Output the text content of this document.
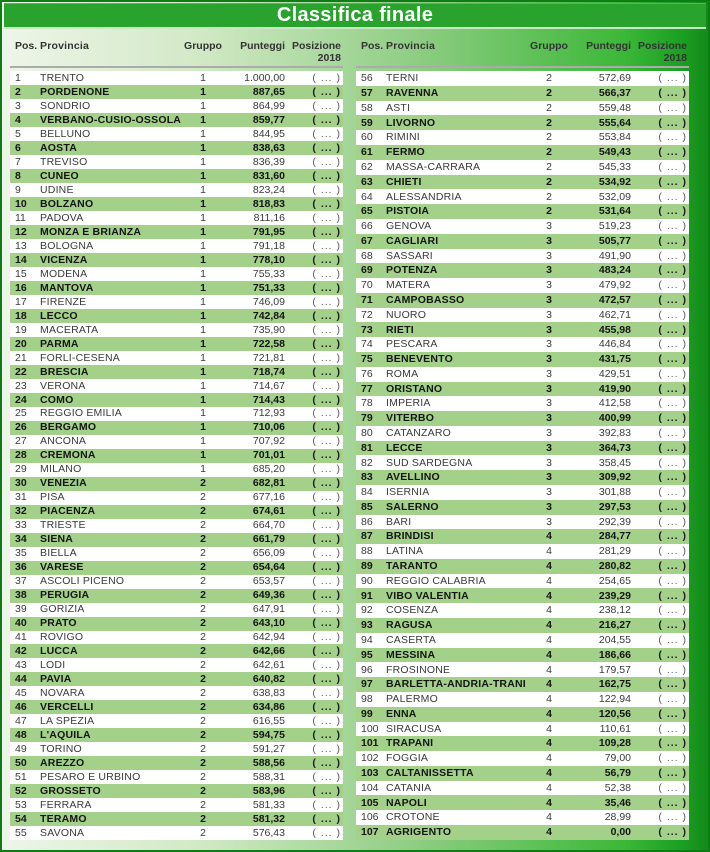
Classifica finale
Pos. Provincia	Gruppo	Punteggi Posizione
2018
1	TRENTO	1	1.000,00	( ... )
2	PORDENONE	1	887,65	( ... )
3	SONDRIO	1	864,99	( ... )
4	VERBANO-CUSIO-OSSOLA	1	859,77	( ... )
5	BELLUNO	1	844,95	( ... )
6	AOSTA	1	838,63	( ... )
7	TREVISO	1	836,39	( ... )
8	CUNEO	1	831,60	( ... )
9	UDINE	1	823,24	( ... )
10	BOLZANO	1	818,83	( ... )
11	PADOVA	1	811,16	( ... )
12	MONZA E BRIANZA	1	791,95	( ... )
13	BOLOGNA	1	791,18	( ... )
14	VICENZA	1	778,10	( ... )
15	MODENA	1	755,33	( ... )
16	MANTOVA	1	751,33	( ... )
17	FIRENZE	1	746,09	( ... )
18	LECCO	1	742,84	( ... )
19	MACERATA	1	735,90	( ... )
20	PARMA	1	722,58	( ... )
21	FORLÌ-CESENA	1	721,81	( ... )
22	BRESCIA	1	718,74	( ... )
23	VERONA	1	714,67	( ... )
24	COMO	1	714,43	( ... )
25	REGGIO EMILIA	1	712,93	( ... )
26	BERGAMO	1	710,06	( ... )
27	ANCONA	1	707,92	( ... )
28	CREMONA	1	701,01	( ... )
29	MILANO	1	685,20	( ... )
30	VENEZIA	2	682,81	( ... )
31	PISA	2	677,16	( ... )
32	PIACENZA	2	674,61	( ... )
33	TRIESTE	2	664,70	( ... )
34	SIENA	2	661,79	( ... )
35	BIELLA	2	656,09	( ... )
36	VARESE	2	654,64	( ... )
37	ASCOLI PICENO	2	653,57	( ... )
38	PERUGIA	2	649,36	( ... )
39	GORIZIA	2	647,91	( ... )
40	PRATO	2	643,10	( ... )
41	ROVIGO	2	642,94	( ... )
42	LUCCA	2	642,66	( ... )
43	LODI	2	642,61	( ... )
44	PAVIA	2	640,82	( ... )
45	NOVARA	2	638,83	( ... )
46	VERCELLI	2	634,86	( ... )
47	LA SPEZIA	2	616,55	( ... )
48	L'AQUILA	2	594,75	( ... )
49	TORINO	2	591,27	( ... )
50	AREZZO	2	588,56	( ... )
51	PESARO E URBINO	2	588,31	( ... )
52	GROSSETO	2	583,96	( ... )
53	FERRARA	2	581,33	( ... )
54	TERAMO	2	581,32	( ... )
55	SAVONA	2	576,43	( ... )
Pos. Provincia	Gruppo	Punteggi Posizione
2018
56	TERNI	2	572,69	( ... )
57	RAVENNA	2	566,37	( ... )
58	ASTI	2	559,48	( ... )
59	LIVORNO	2	555,64	( ... )
60	RIMINI	2	553,84	( ... )
61	FERMO	2	549,43	( ... )
62	MASSA-CARRARA	2	545,33	( ... )
63	CHIETI	2	534,92	( ... )
64	ALESSANDRIA	2	532,09	( ... )
65	PISTOIA	2	531,64	( ... )
66	GENOVA	3	519,23	( ... )
67	CAGLIARI	3	505,77	( ... )
68	SASSARI	3	491,90	( ... )
69	POTENZA	3	483,24	( ... )
70	MATERA	3	479,92	( ... )
71	CAMPOBASSO	3	472,57	( ... )
72	NUORO	3	462,71	( ... )
73	RIETI	3	455,98	( ... )
74	PESCARA	3	446,84	( ... )
75	BENEVENTO	3	431,75	( ... )
76	ROMA	3	429,51	( ... )
77	ORISTANO	3	419,90	( ... )
78	IMPERIA	3	412,58	( ... )
79	VITERBO	3	400,99	( ... )
80	CATANZARO	3	392,83	( ... )
81	LECCE	3	364,73	( ... )
82	SUD SARDEGNA	3	358,45	( ... )
83	AVELLINO	3	309,92	( ... )
84	ISERNIA	3	301,88	( ... )
85	SALERNO	3	297,53	( ... )
86	BARI	3	292,39	( ... )
87	BRINDISI	4	284,77	( ... )
88	LATINA	4	281,29	( ... )
89	TARANTO	4	280,82	( ... )
90	REGGIO CALABRIA	4	254,65	( ... )
91	VIBO VALENTIA	4	239,29	( ... )
92	COSENZA	4	238,12	( ... )
93	RAGUSA	4	216,27	( ... )
94	CASERTA	4	204,55	( ... )
95	MESSINA	4	186,66	( ... )
96	FROSINONE	4	179,57	( ... )
97	BARLETTA-ANDRIA-TRANI	4	162,75	( ... )
98	PALERMO	4	122,94	( ... )
99	ENNA	4	120,56	( ... )
100 SIRACUSA	4	110,61	( ... )
101 TRAPANI	4	109,28	( ... )
102 FOGGIA	4	79,00	( ... )
103 CALTANISSETTA	4	56,79	( ... )
104 CATANIA	4	52,38	( ... )
105 NAPOLI	4	35,46	( ... )
106 CROTONE	4	28,99	( ... )
107 AGRIGENTO	4	0,00	( ... )
